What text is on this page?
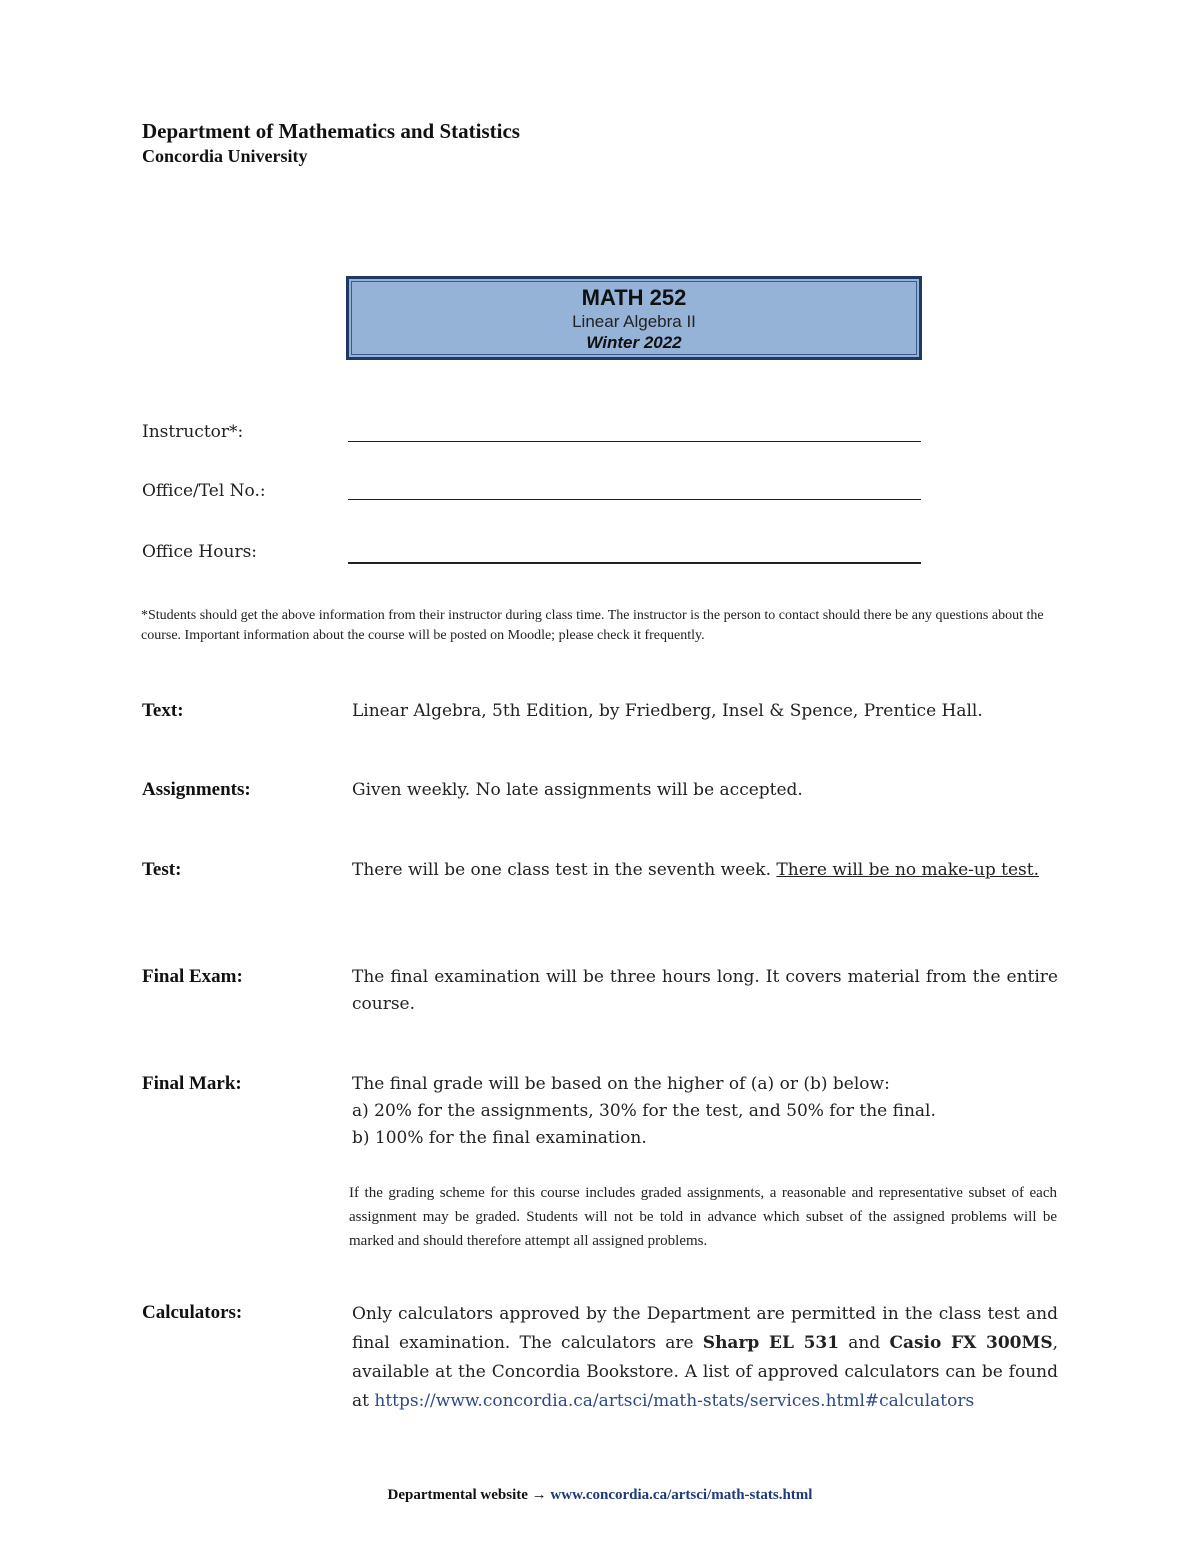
Department of Mathematics and Statistics
Concordia University
MATH 252
Linear Algebra II
Winter 2022
Instructor*:
Office/Tel No.:
Office Hours:
*Students should get the above information from their instructor during class time. The instructor is the person to contact should there be any questions about the course. Important information about the course will be posted on Moodle; please check it frequently.
Text:	Linear Algebra, 5th Edition, by Friedberg, Insel & Spence, Prentice Hall.
Assignments:	Given weekly. No late assignments will be accepted.
Test:	There will be one class test in the seventh week. There will be no make-up test.
Final Exam:	The final examination will be three hours long. It covers material from the entire course.
Final Mark:	The final grade will be based on the higher of (a) or (b) below:
a) 20% for the assignments, 30% for the test, and 50% for the final.
b) 100% for the final examination.
If the grading scheme for this course includes graded assignments, a reasonable and representative subset of each assignment may be graded. Students will not be told in advance which subset of the assigned problems will be marked and should therefore attempt all assigned problems.
Calculators:	Only calculators approved by the Department are permitted in the class test and final examination. The calculators are Sharp EL 531 and Casio FX 300MS, available at the Concordia Bookstore. A list of approved calculators can be found at https://www.concordia.ca/artsci/math-stats/services.html#calculators
Departmental website → www.concordia.ca/artsci/math-stats.html
